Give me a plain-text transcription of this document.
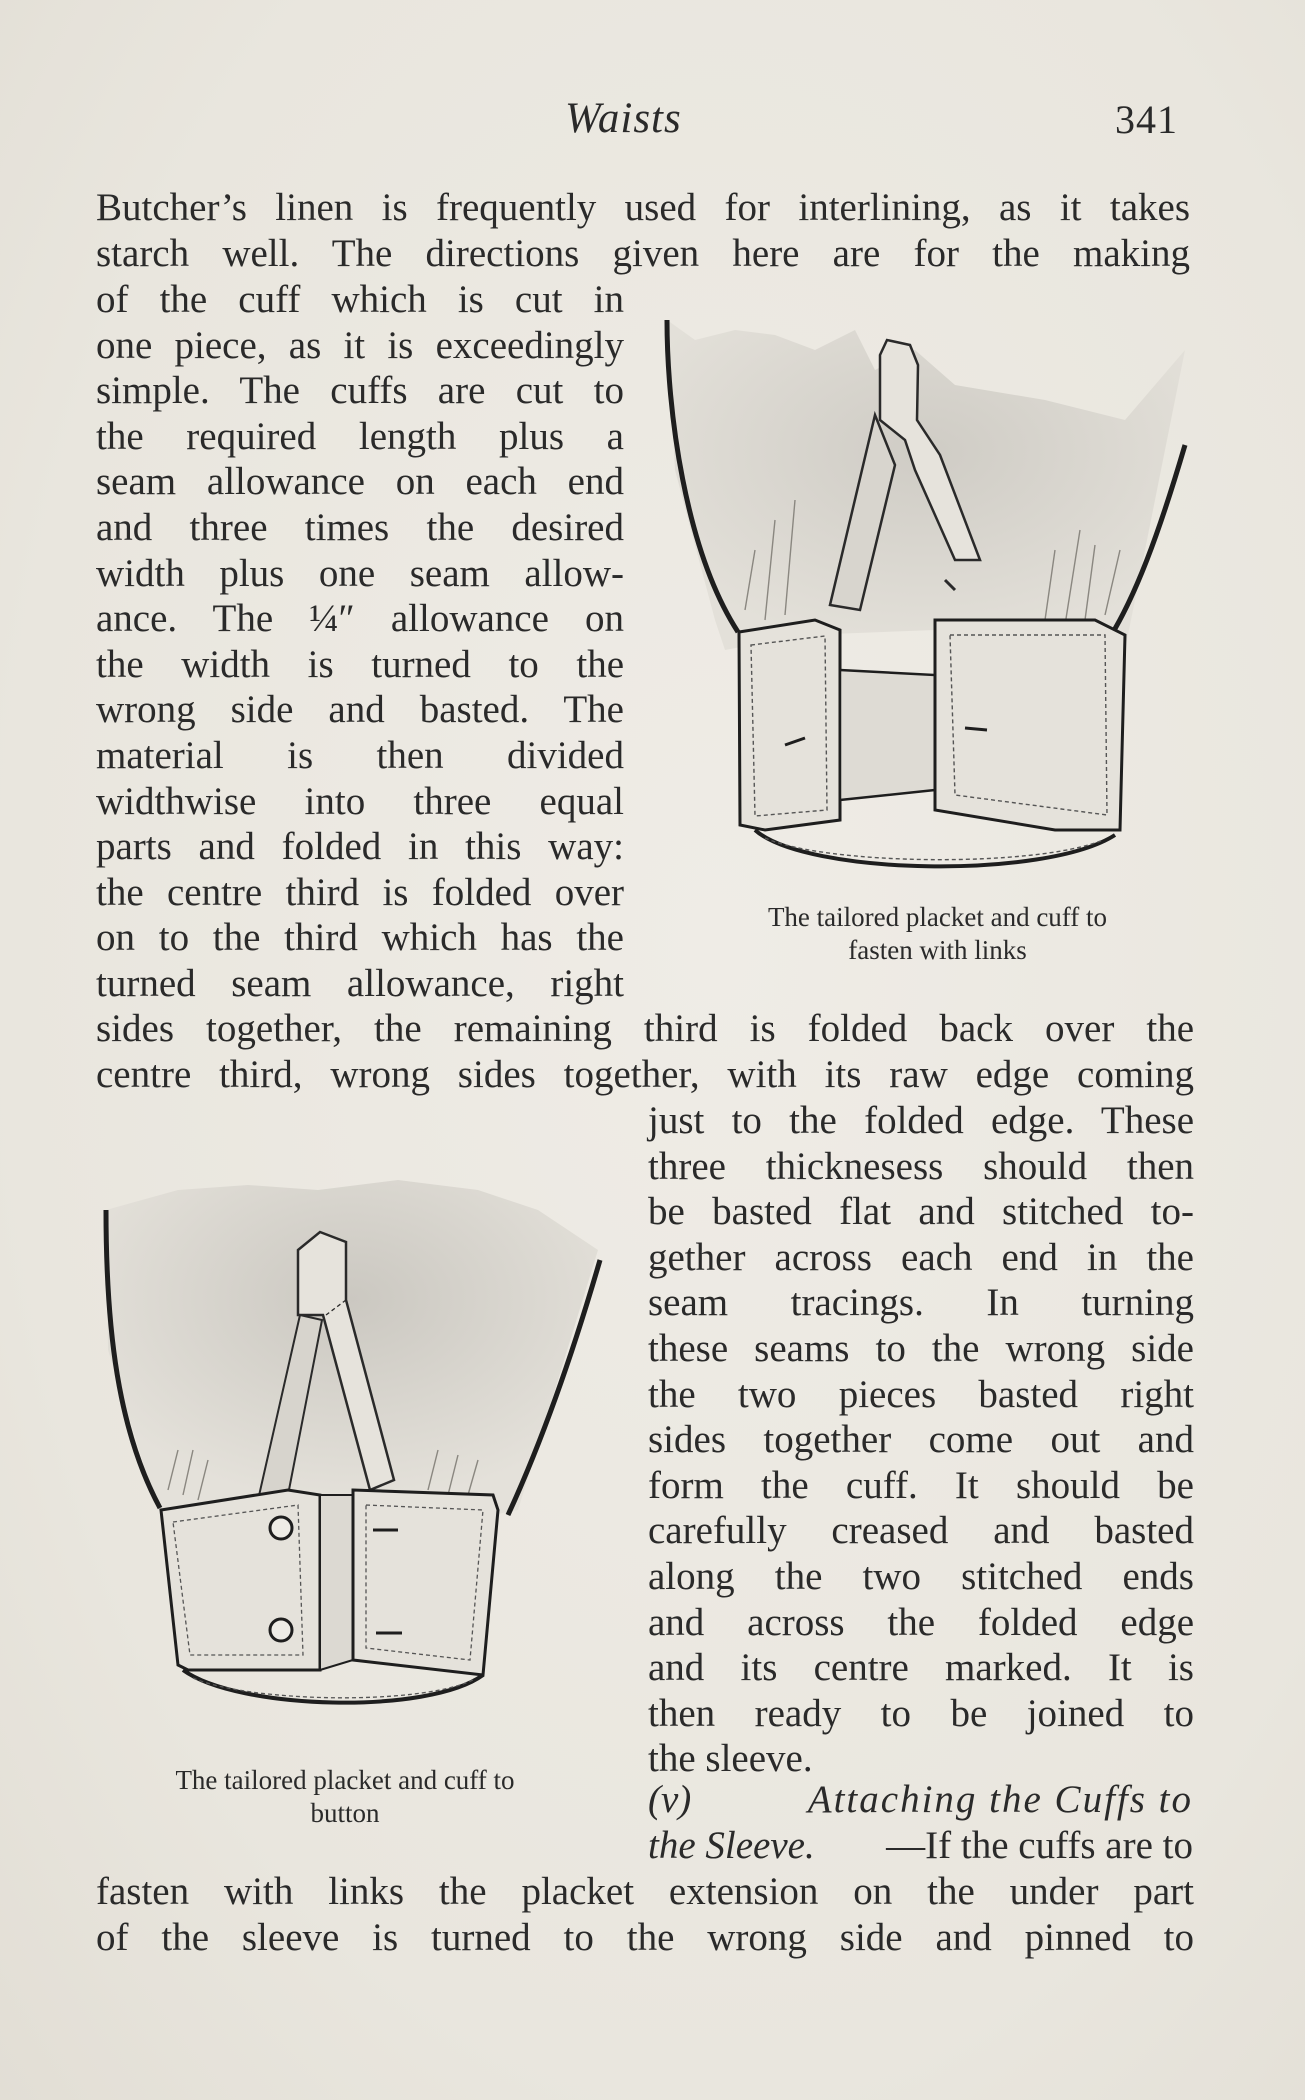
Waists	341
Butcher’s linen is frequently used for interlining, as it takes
starch well. The directions given here are for the making
of the cuff which is cut in
one piece, as it is exceedingly
simple. The cuffs are cut to
the required length plus a
seam allowance on each end
and three times the desired
width plus one seam allow-
ance. The ¼″ allowance on
the width is turned to the
wrong side and basted. The
material is then divided
widthwise into three equal
parts and folded in this way:
the centre third is folded over
on to the third which has the
turned seam allowance, right
The tailored placket and cuff to
fasten with links
sides together, the remaining third is folded back over the
centre third, wrong sides together, with its raw edge coming
just to the folded edge. These
three thicknesess should then
be basted flat and stitched to-
gether across each end in the
seam tracings. In turning
these seams to the wrong side
the two pieces basted right
sides together come out and
form the cuff. It should be
carefully creased and basted
along the two stitched ends
and across the folded edge
and its centre marked. It is
then ready to be joined to
the sleeve.
The tailored placket and cuff to
button	(v)	Attaching the Cuffs to
the Sleeve. —If the cuffs are to
fasten with links the placket extension on the under part
of the sleeve is turned to the wrong side and pinned to
